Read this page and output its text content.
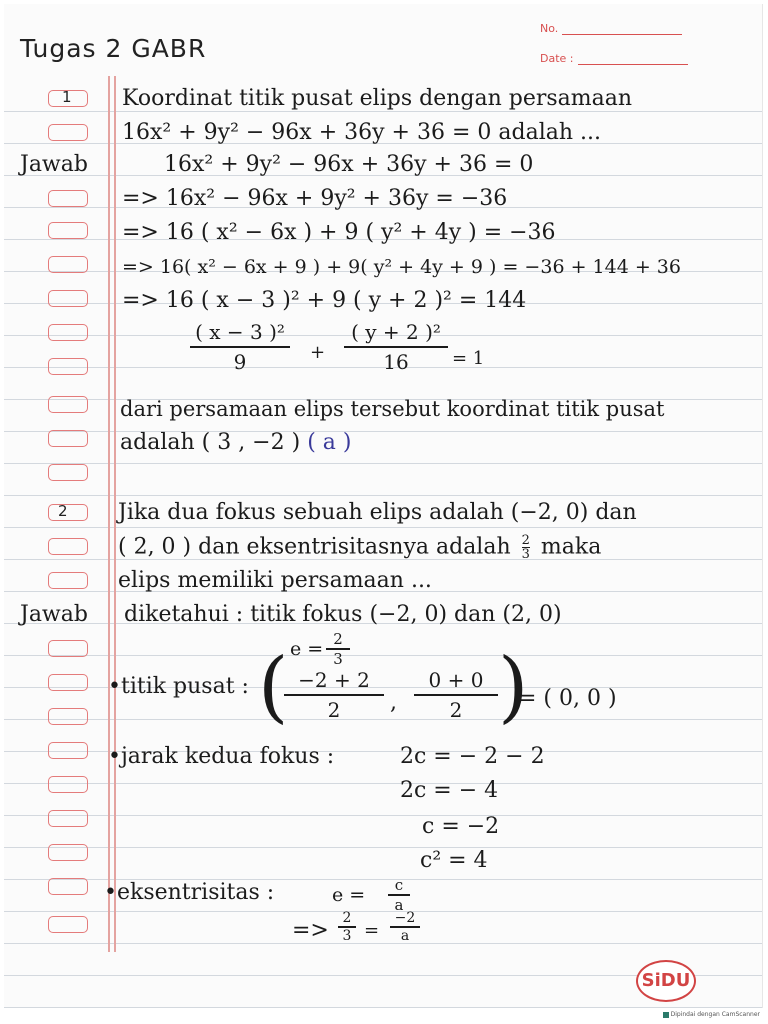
No.
Date :
Tugas 2 GABR
1
2
Koordinat titik pusat elips dengan persamaan
16x² + 9y² − 96x + 36y + 36 = 0 adalah ...
Jawab	16x² + 9y² − 96x + 36y + 36 = 0
=> 16x² − 96x + 9y² + 36y = −36
=> 16 ( x² − 6x ) + 9 ( y² + 4y ) = −36
=> 16( x² − 6x + 9 ) + 9( y² + 4y + 9 ) = −36 + 144 + 36
=> 16 ( x − 3 )² + 9 ( y + 2 )² = 144
( x − 3 )²
9	+
( y + 2 )²
16	= 1
dari persamaan elips tersebut koordinat titik pusat
adalah ( 3 , −2 ) ( a )
Jika dua fokus sebuah elips adalah (−2, 0) dan
( 2, 0 ) dan eksentrisitasnya adalah $\frac{2}{3}$ maka
elips memiliki persamaan ...
Jawab diketahui : titik fokus (−2, 0) dan (2, 0)
e = 2
3
•titik pusat : ( −2 + 2
2	,
0 + 0
2 )
= ( 0, 0 )
•jarak kedua fokus :	2c = − 2 − 2
2c = − 4
c = −2
c² = 4
•eksentrisitas :	e =	c
a
=> 2
3 =
−2
a
SiDU
Dipindai dengan CamScanner
